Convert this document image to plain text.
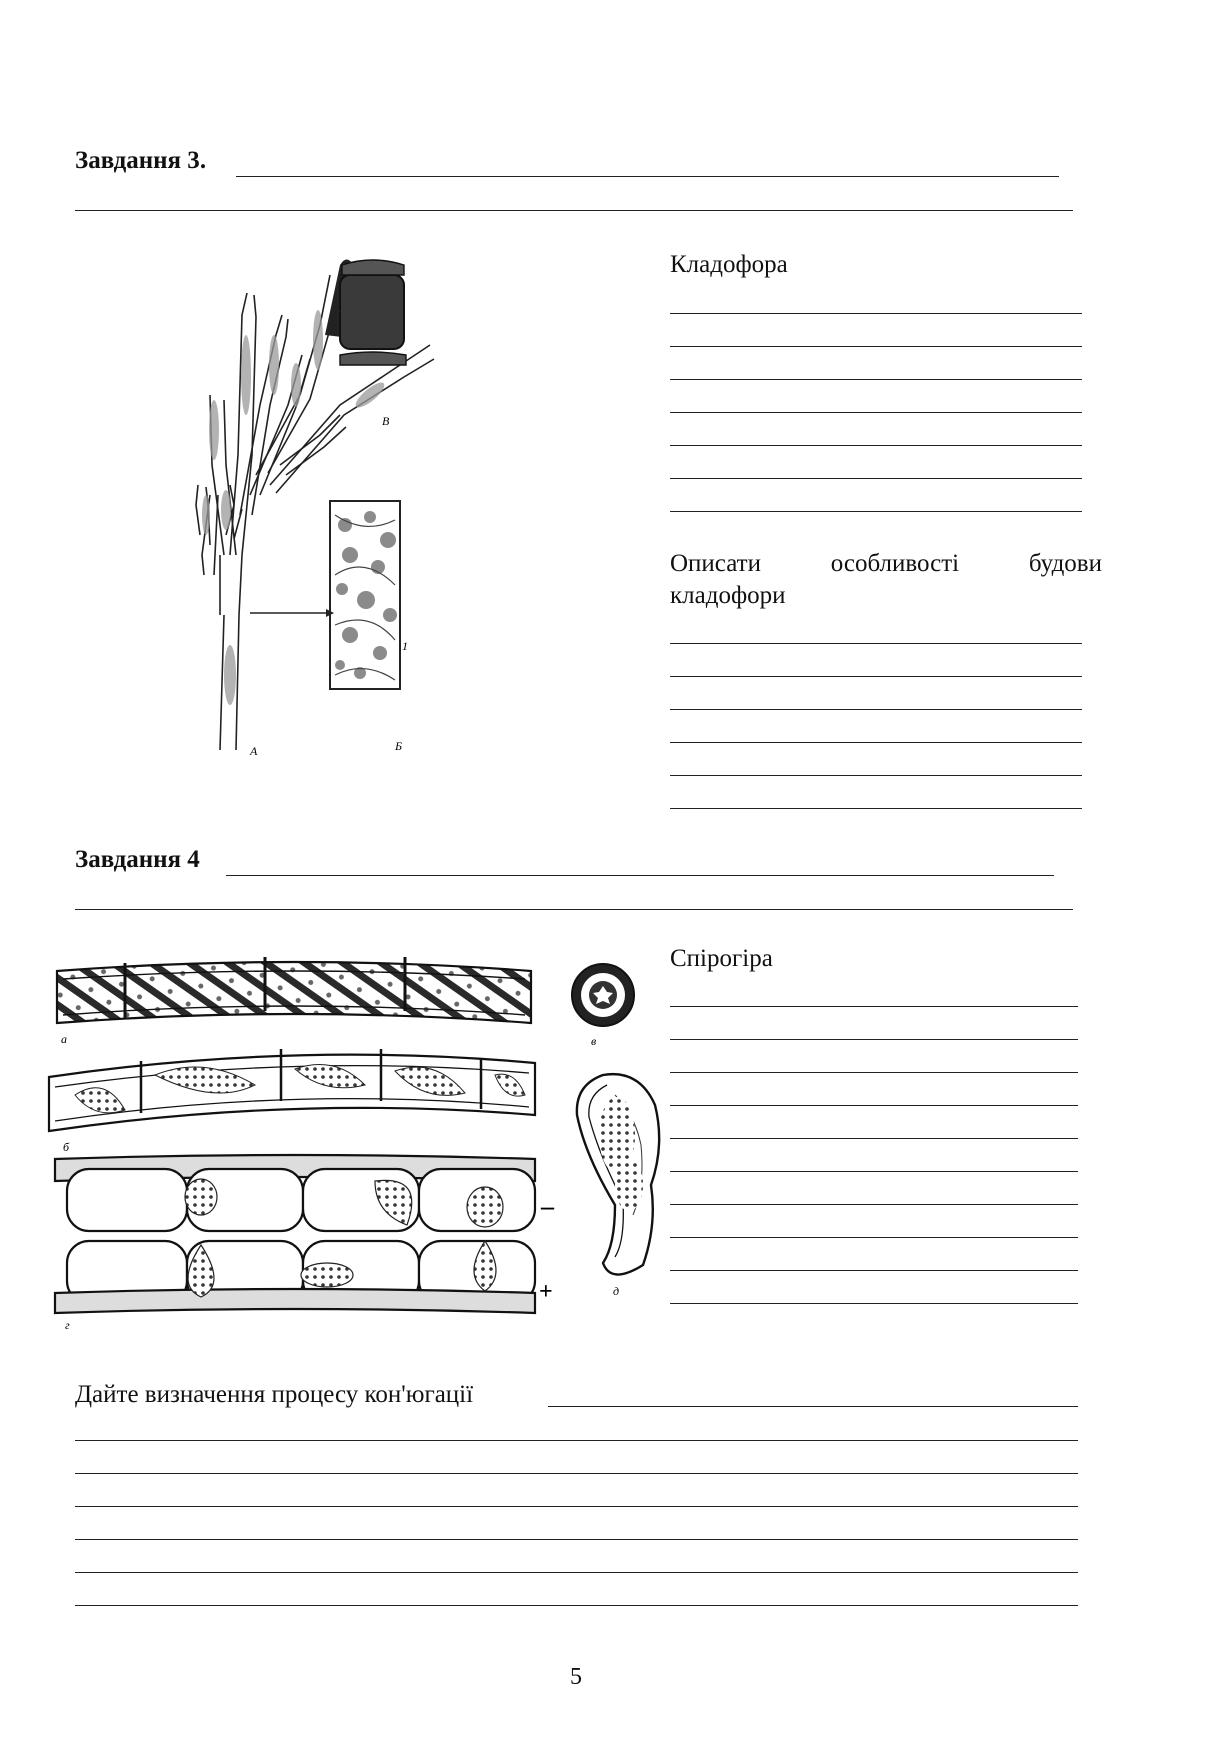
Завдання 3.
А	Б
В
1
Кладофора
Описати	особливості	будови
кладофори
Завдання 4
а
б
г
–
+
в
д
Спірогіра
Дайте визначення процесу кон'югації
5
